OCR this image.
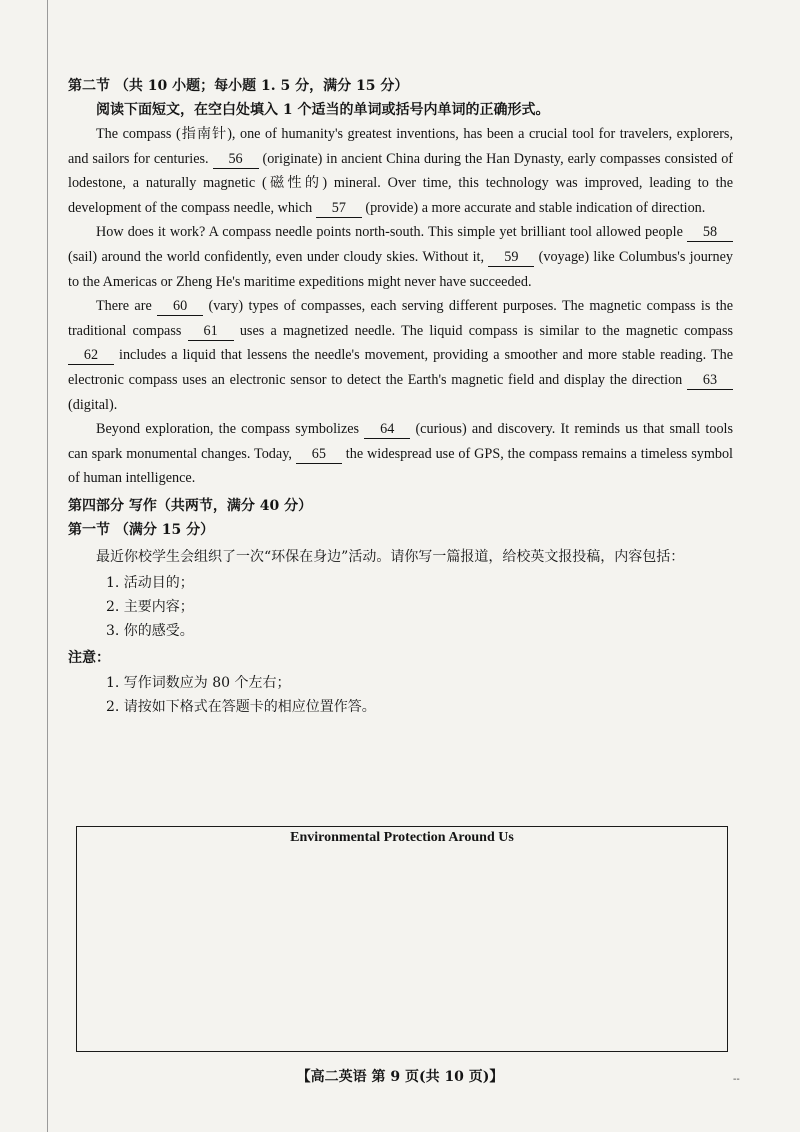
第二节 （共 10 小题；每小题 1. 5 分，满分 15 分）

阅读下面短文，在空白处填入 1 个适当的单词或括号内单词的正确形式。

The compass (指南针), one of humanity's greatest inventions, has been a crucial tool for travelers, explorers, and sailors for centuries. 56 (originate) in ancient China during the Han Dynasty, early compasses consisted of lodestone, a naturally magnetic (磁性的) mineral. Over time, this technology was improved, leading to the development of the compass needle, which 57 (provide) a more accurate and stable indication of direction.

How does it work? A compass needle points north-south. This simple yet brilliant tool allowed people 58 (sail) around the world confidently, even under cloudy skies. Without it, 59 (voyage) like Columbus's journey to the Americas or Zheng He's maritime expeditions might never have succeeded.

There are 60 (vary) types of compasses, each serving different purposes. The magnetic compass is the traditional compass 61 uses a magnetized needle. The liquid compass is similar to the magnetic compass 62 includes a liquid that lessens the needle's movement, providing a smoother and more stable reading. The electronic compass uses an electronic sensor to detect the Earth's magnetic field and display the direction 63 (digital).

Beyond exploration, the compass symbolizes 64 (curious) and discovery. It reminds us that small tools can spark monumental changes. Today, 65 the widespread use of GPS, the compass remains a timeless symbol of human intelligence.

第四部分 写作（共两节，满分 40 分）

第一节 （满分 15 分）

最近你校学生会组织了一次“环保在身边”活动。请你写一篇报道，给校英文报投稿，内容包括：

1. 活动目的；
2. 主要内容；
3. 你的感受。

注意：

1. 写作词数应为 80 个左右；
2. 请按如下格式在答题卡的相应位置作答。
Environmental Protection Around Us
【高二英语 第 9 页(共 10 页)】	--
